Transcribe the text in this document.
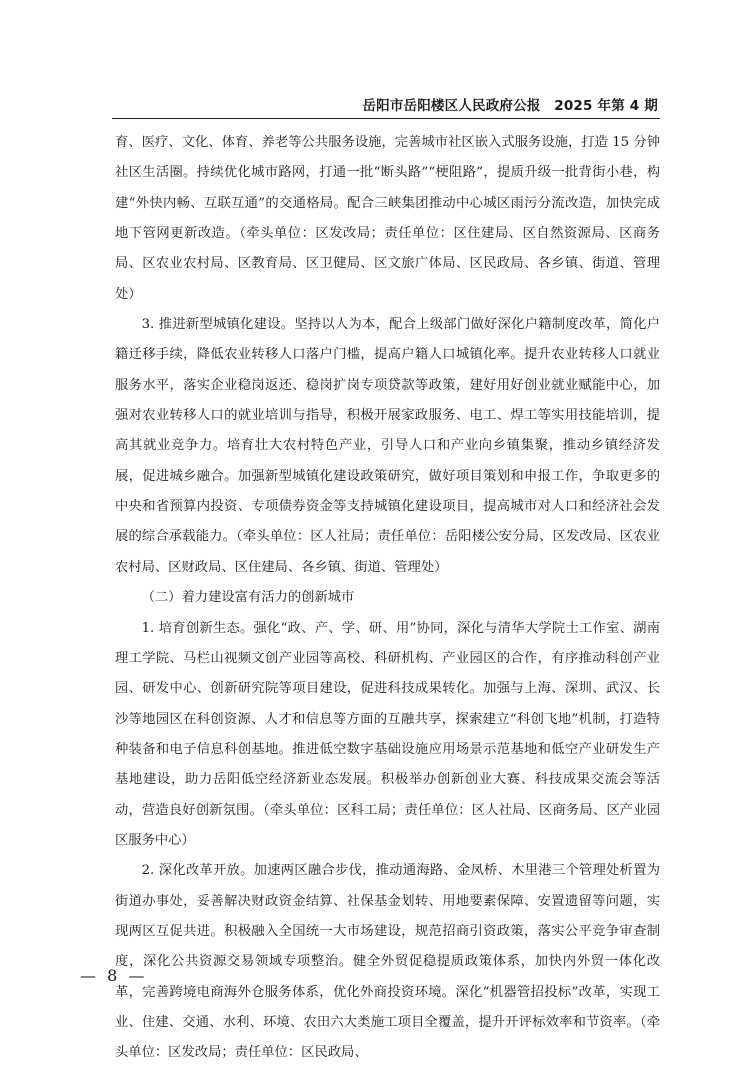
岳阳市岳阳楼区人民政府公报　2025 年第 4 期

育、医疗、文化、体育、养老等公共服务设施，完善城市社区嵌入式服务设施，打造 15 分钟社区生活圈。持续优化城市路网，打通一批“断头路”“梗阻路”，提质升级一批背街小巷，构建“外快内畅、互联互通”的交通格局。配合三峡集团推动中心城区雨污分流改造，加快完成地下管网更新改造。（牵头单位：区发改局；责任单位：区住建局、区自然资源局、区商务局、区农业农村局、区教育局、区卫健局、区文旅广体局、区民政局、各乡镇、街道、管理处）

3. 推进新型城镇化建设。坚持以人为本，配合上级部门做好深化户籍制度改革，简化户籍迁移手续，降低农业转移人口落户门槛，提高户籍人口城镇化率。提升农业转移人口就业服务水平，落实企业稳岗返还、稳岗扩岗专项贷款等政策，建好用好创业就业赋能中心，加强对农业转移人口的就业培训与指导，积极开展家政服务、电工、焊工等实用技能培训，提高其就业竞争力。培育壮大农村特色产业，引导人口和产业向乡镇集聚，推动乡镇经济发展，促进城乡融合。加强新型城镇化建设政策研究，做好项目策划和申报工作，争取更多的中央和省预算内投资、专项债券资金等支持城镇化建设项目，提高城市对人口和经济社会发展的综合承载能力。（牵头单位：区人社局；责任单位：岳阳楼公安分局、区发改局、区农业农村局、区财政局、区住建局、各乡镇、街道、管理处）

（二）着力建设富有活力的创新城市

1. 培育创新生态。强化“政、产、学、研、用”协同，深化与清华大学院士工作室、湖南理工学院、马栏山视频文创产业园等高校、科研机构、产业园区的合作，有序推动科创产业园、研发中心、创新研究院等项目建设，促进科技成果转化。加强与上海、深圳、武汉、长沙等地园区在科创资源、人才和信息等方面的互融共享，探索建立“科创飞地”机制，打造特种装备和电子信息科创基地。推进低空数字基础设施应用场景示范基地和低空产业研发生产基地建设，助力岳阳低空经济新业态发展。积极举办创新创业大赛、科技成果交流会等活动，营造良好创新氛围。（牵头单位：区科工局；责任单位：区人社局、区商务局、区产业园区服务中心）

2. 深化改革开放。加速两区融合步伐，推动通海路、金凤桥、木里港三个管理处析置为街道办事处，妥善解决财政资金结算、社保基金划转、用地要素保障、安置遗留等问题，实现两区互促共进。积极融入全国统一大市场建设，规范招商引资政策，落实公平竞争审查制度，深化公共资源交易领域专项整治。健全外贸促稳提质政策体系，加快内外贸一体化改革，完善跨境电商海外仓服务体系，优化外商投资环境。深化“机器管招投标”改革，实现工业、住建、交通、水利、环境、农田六大类施工项目全覆盖，提升开评标效率和节资率。（牵头单位：区发改局；责任单位：区民政局、

— 8 —
